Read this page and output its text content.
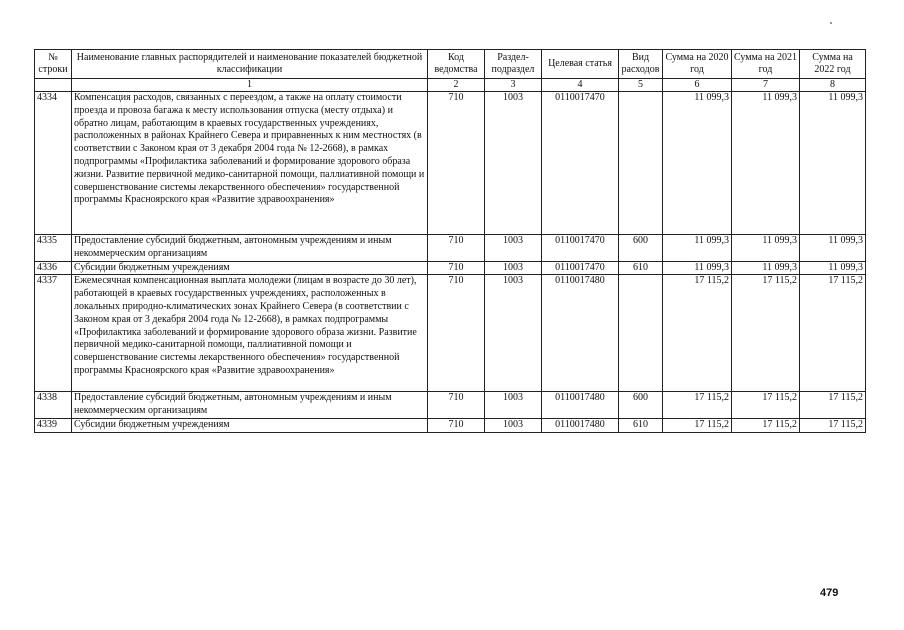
№ строки	Наименование главных распорядителей и наименование показателей бюджетной классификации	Код ведомства	Раздел-подраздел	Целевая статья	Вид расходов	Сумма на 2020 год	Сумма на 2021 год	Сумма на 2022 год
	1	2	3	4	5	6	7	8
4334	Компенсация расходов, связанных с переездом, а также на оплату стоимости проезда и провоза багажа к месту использования отпуска (месту отдыха) и обратно лицам, работающим в краевых государственных учреждениях, расположенных в районах Крайнего Севера и приравненных к ним местностях (в соответствии с Законом края от 3 декабря 2004 года № 12-2668), в рамках подпрограммы «Профилактика заболеваний и формирование здорового образа жизни. Развитие первичной медико-санитарной помощи, паллиативной помощи и совершенствование системы лекарственного обеспечения» государственной программы Красноярского края «Развитие здравоохранения»	710	1003	0110017470		11 099,3	11 099,3	11 099,3
4335	Предоставление субсидий бюджетным, автономным учреждениям и иным некоммерческим организациям	710	1003	0110017470	600	11 099,3	11 099,3	11 099,3
4336	Субсидии бюджетным учреждениям	710	1003	0110017470	610	11 099,3	11 099,3	11 099,3
4337	Ежемесячная компенсационная выплата молодежи (лицам в возрасте до 30 лет), работающей в краевых государственных учреждениях, расположенных в локальных природно-климатических зонах Крайнего Севера (в соответствии с Законом края от 3 декабря 2004 года № 12-2668), в рамках подпрограммы «Профилактика заболеваний и формирование здорового образа жизни. Развитие первичной медико-санитарной помощи, паллиативной помощи и совершенствование системы лекарственного обеспечения» государственной программы Красноярского края «Развитие здравоохранения»	710	1003	0110017480		17 115,2	17 115,2	17 115,2
4338	Предоставление субсидий бюджетным, автономным учреждениям и иным некоммерческим организациям	710	1003	0110017480	600	17 115,2	17 115,2	17 115,2
4339	Субсидии бюджетным учреждениям	710	1003	0110017480	610	17 115,2	17 115,2	17 115,2
479
